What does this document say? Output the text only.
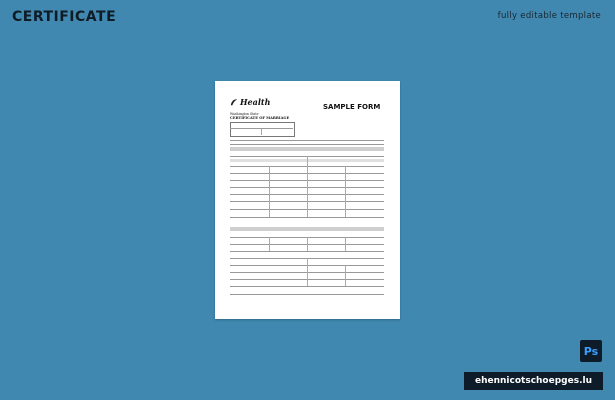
CERTIFICATE	fully editable template
Health	SAMPLE FORM
Washington State
CERTIFICATE OF MARRIAGE
Ps
ehennicotschoepges.lu
